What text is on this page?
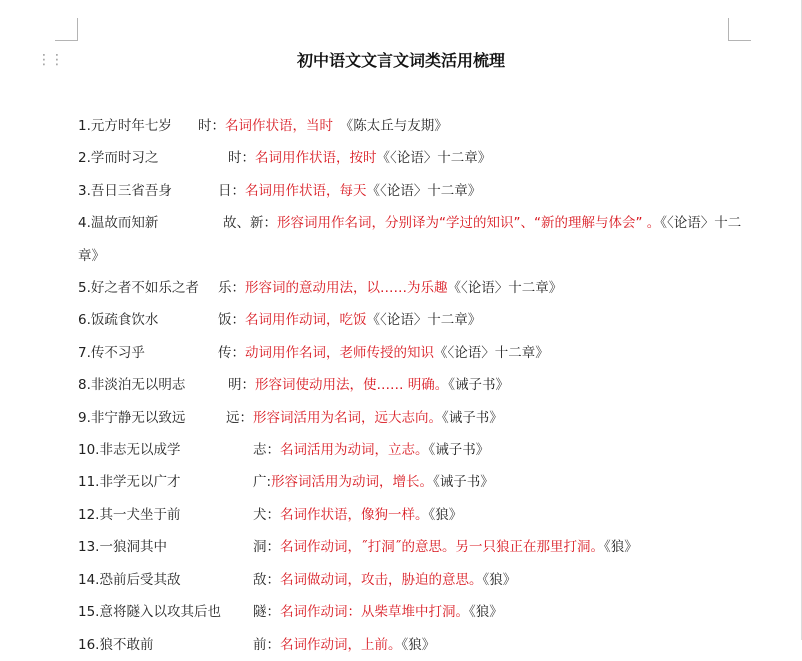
⋮⋮	初中语文文言文词类活用梳理
1.元方时年七岁 时：名词作状语，当时　 《陈太丘与友期》
2.学而时习之	时：名词用作状语，按时《〈论语〉十二章》
3.吾日三省吾身	日：名词用作状语，每天《〈论语〉十二章》
4.温故而知新	故、新：形容词用作名词，分别译为“学过的知识”、“新的理解与体会” 。《〈论语〉十二章》
5.好之者不如乐之者 乐：形容词的意动用法，以……为乐趣《〈论语〉十二章》
6.饭疏食饮水	饭：名词用作动词，吃饭《〈论语〉十二章》
7.传不习乎	传：动词用作名词，老师传授的知识《〈论语〉十二章》
8.非淡泊无以明志	明：形容词使动用法，使…… 明确。《诫子书》
9.非宁静无以致远	远：形容词活用为名词，远大志向。《诫子书》
10.非志无以成学	志：名词活用为动词，立志。《诫子书》
11.非学无以广才	广:形容词活用为动词，增长。《诫子书》
12.其一犬坐于前	犬：名词作状语，像狗一样。《狼》
13.一狼洞其中	洞：名词作动词，˝打洞˝的意思。另一只狼正在那里打洞。《狼》
14.恐前后受其敌	敌：名词做动词，攻击，胁迫的意思。《狼》
15.意将隧入以攻其后也 隧：名词作动词：从柴草堆中打洞。《狼》
16.狼不敢前	前：名词作动词，上前。《狼》
